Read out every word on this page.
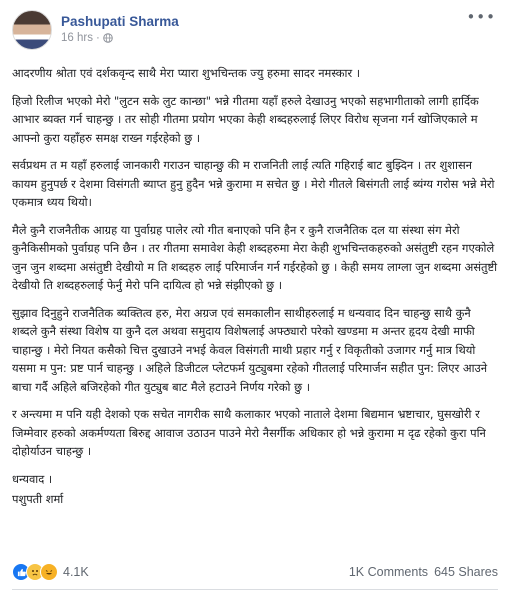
Pashupati Sharma
16 hrs ·
•••

आदरणीय श्रोता एवं दर्शकवृन्द साथै मेरा प्यारा शुभचिन्तक ज्यु हरुमा सादर नमस्कार ।

हिजो रिलीज भएको मेरो "लुटन सके लुट कान्छा" भन्ने गीतमा यहाँ हरुले देखाउनु भएको सहभागीताको लागी हार्दिक आभार ब्यक्त गर्न चाहन्छु । तर सोही गीतमा प्रयोग भएका केही शब्दहरुलाई लिएर विरोध सृजना गर्न खोजिएकाले म आफ्नो कुरा यहाँहरु समक्ष राख्न गईरहेको छु ।

सर्वप्रथम त म यहाँ हरुलाई जानकारी गराउन चाहान्छु की म राजनिती लाई त्यति गहिराई बाट बुझ्दिन । तर शुशासन कायम हुनुपर्छ र देशमा विसंगती ब्याप्त हुनु हुदैन भन्ने कुरामा म सचेत छु । मेरो गीतले बिसंगती लाई ब्यंग्य गरोस भन्ने मेरो एकमात्र ध्यय थियो।

मैले कुनै राजनैतीक आग्रह या पुर्वाग्रह पालेर त्यो गीत बनाएको पनि हैन र कुनै राजनैतिक दल या संस्था संग मेरो कुनैकिसीमको पुर्वाग्रह पनि छैन । तर गीतमा समावेश केही शब्दहरुमा मेरा केही शुभचिन्तकहरुको असंतुष्टी रहन गएकोले जुन जुन शब्दमा असंतुष्टी देखीयो म ति शब्दहरु लाई परिमार्जन गर्न गईरहेको छु । केही समय लाग्ला जुन शब्दमा असंतुष्टी देखीयो ति शब्दहरुलाई फेर्नु मेरो पनि दायित्व हो भन्ने संझीएको छु ।

सुझाव दिनुहुने राजनैतिक ब्यक्तित्व हरु, मेरा अग्रज एवं समकालीन साथीहरुलाई म धन्यवाद दिन चाहन्छु साथै कुनै शब्दले कुनै संस्था विशेष या कुनै दल अथवा समुदाय विशेषलाई अफ्ठ्यारो परेको खण्डमा म अन्तर हृदय देखी माफी चाहान्छु । मेरो नियत कसैको चित्त दुखाउने नभई केवल विसंगती माथी प्रहार गर्नु र विकृतीको उजागर गर्नु मात्र थियो यसमा म पुन: प्रष्ट पार्न चाहन्छु । अहिले डिजीटल प्लेटफर्म युट्युबमा रहेको गीतलाई परिमार्जन सहीत पुन: लिएर आउने बाचा गर्दै अहिले बजिरहेको गीत युट्युब बाट मैले हटाउने निर्णय गरेको छु ।

र अन्त्यमा म पनि यही देशको एक सचेत नागरीक साथै कलाकार भएको नाताले देशमा बिद्यमान भ्रष्टाचार, घुसखोरी र जिम्मेवार हरुको अकर्मण्यता बिरुद्द आवाज उठाउन पाउने मेरो नैसर्गीक अधिकार हो भन्ने कुरामा म दृढ रहेको कुरा पनि दोहोर्याउन चाहन्छु ।

धन्यवाद ।

पशुपती शर्मा

4.1K	1K Comments 645 Shares
